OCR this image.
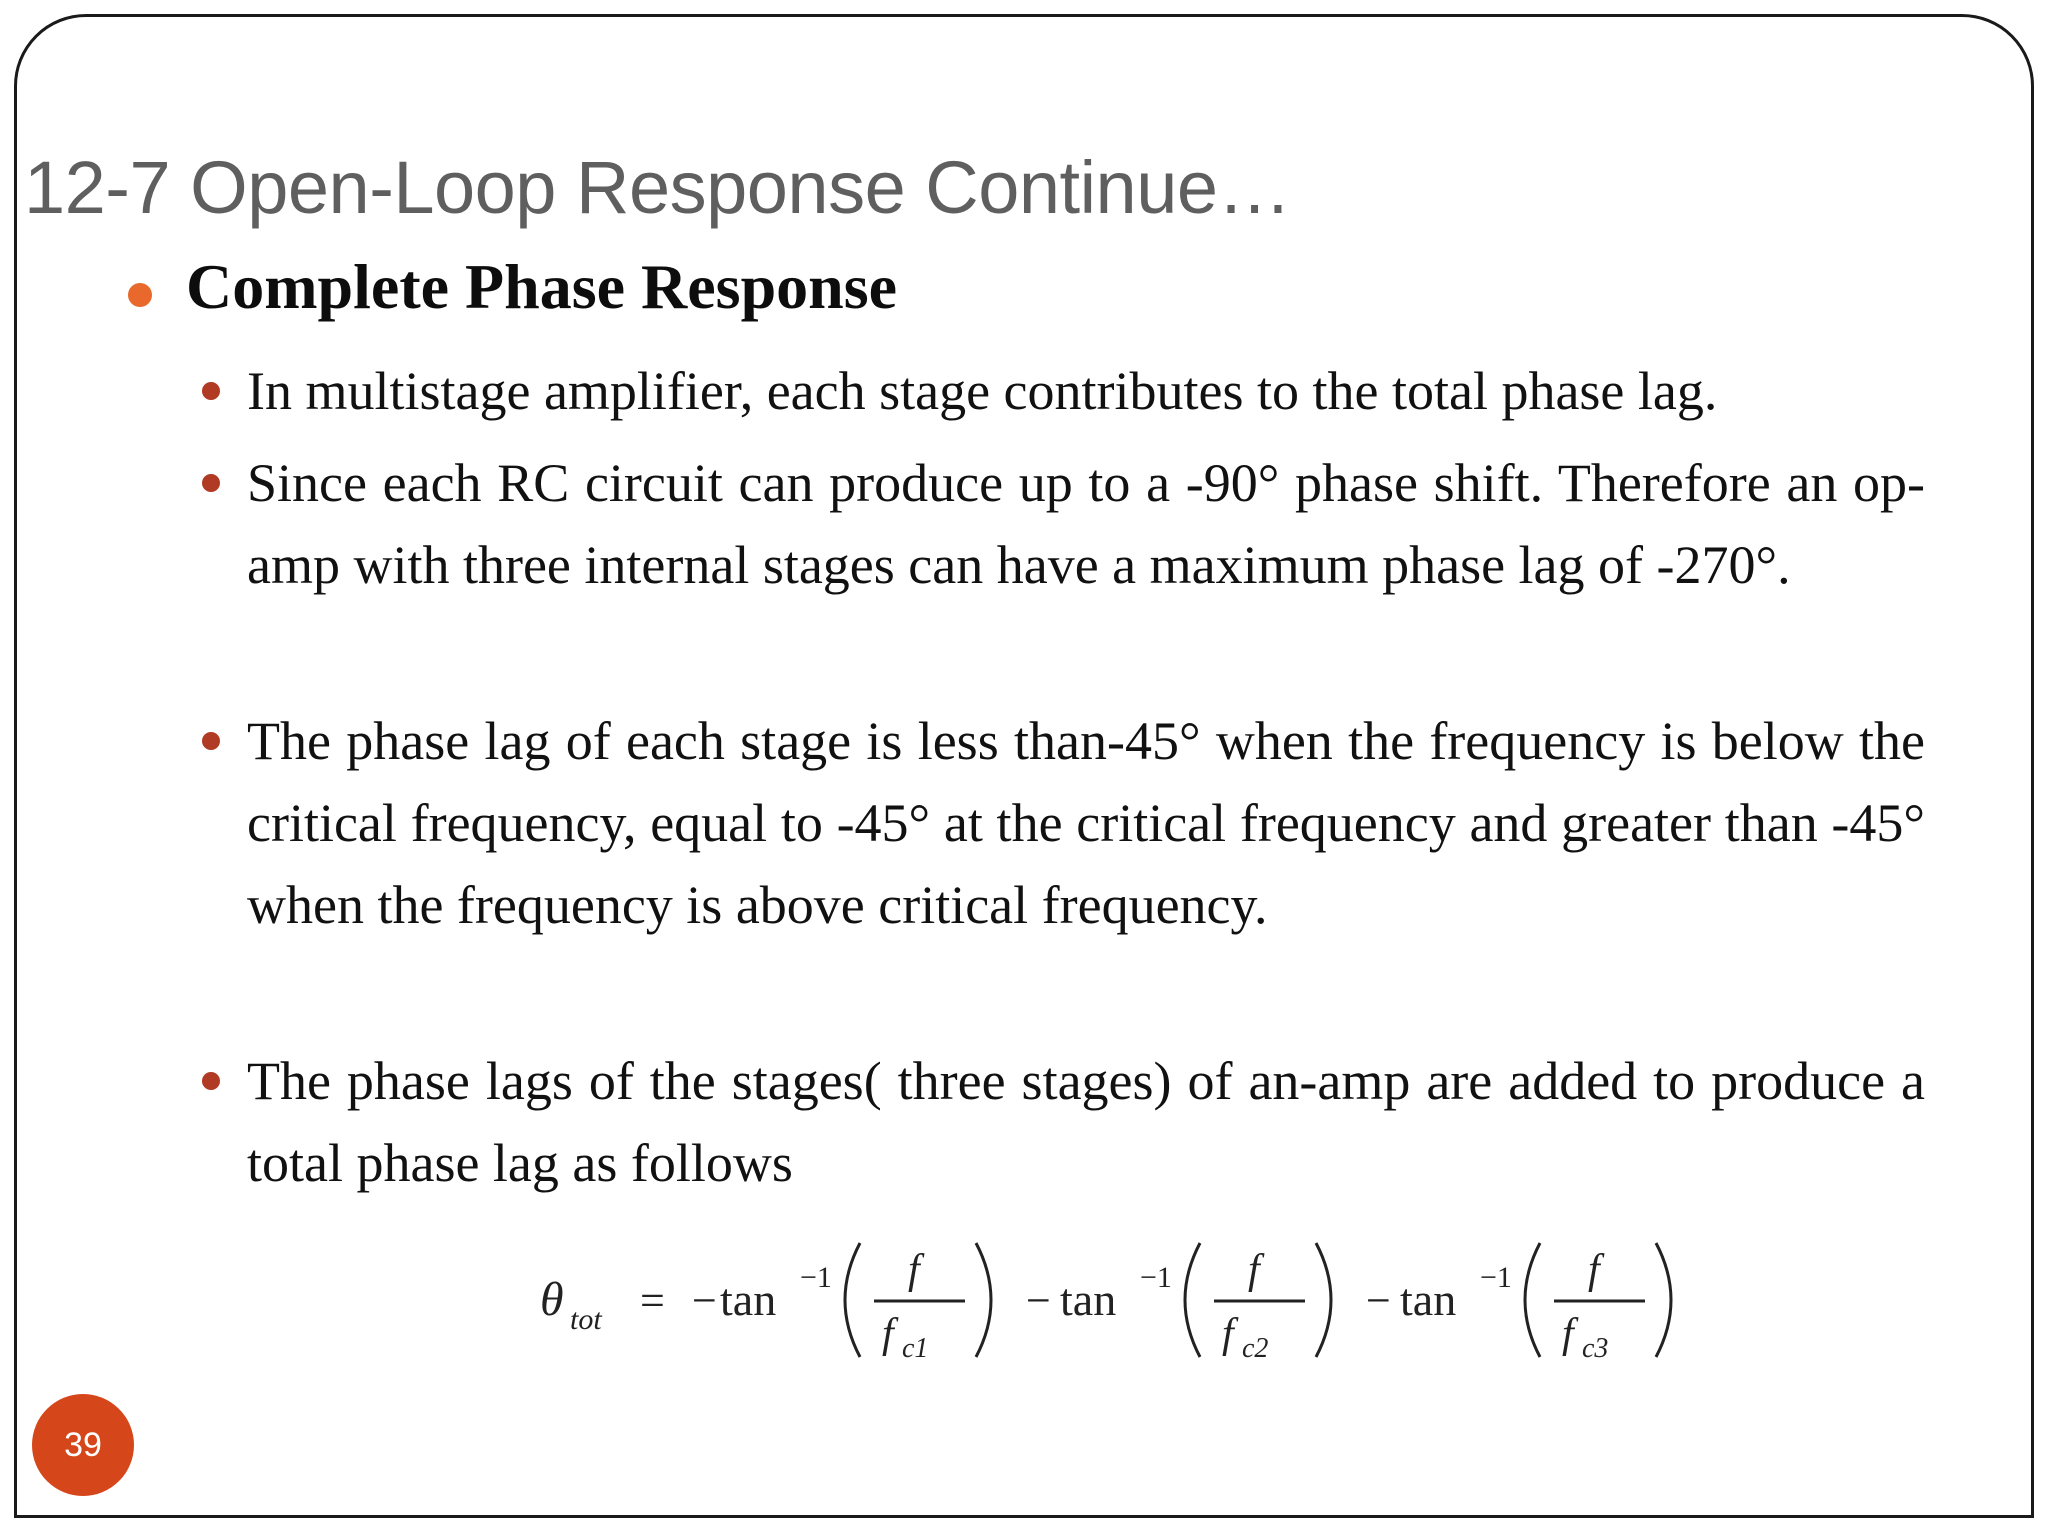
12-7 Open-Loop Response Continue…
Complete Phase Response
In multistage amplifier, each stage contributes to the total phase lag.
Since each RC circuit can produce up to a -90° phase shift. Therefore an op-amp with three internal stages can have a maximum phase lag of -270°.
The phase lag of each stage is less than-45° when the frequency is below the critical frequency, equal to -45° at the critical frequency and greater than -45° when the frequency is above critical frequency.
The phase lags of the stages( three stages) of an-amp are added to produce a total phase lag as follows
θ tot = − tan −1 f
f c1
− tan −1 f
f c2
− tan −1 f
f c3
39
